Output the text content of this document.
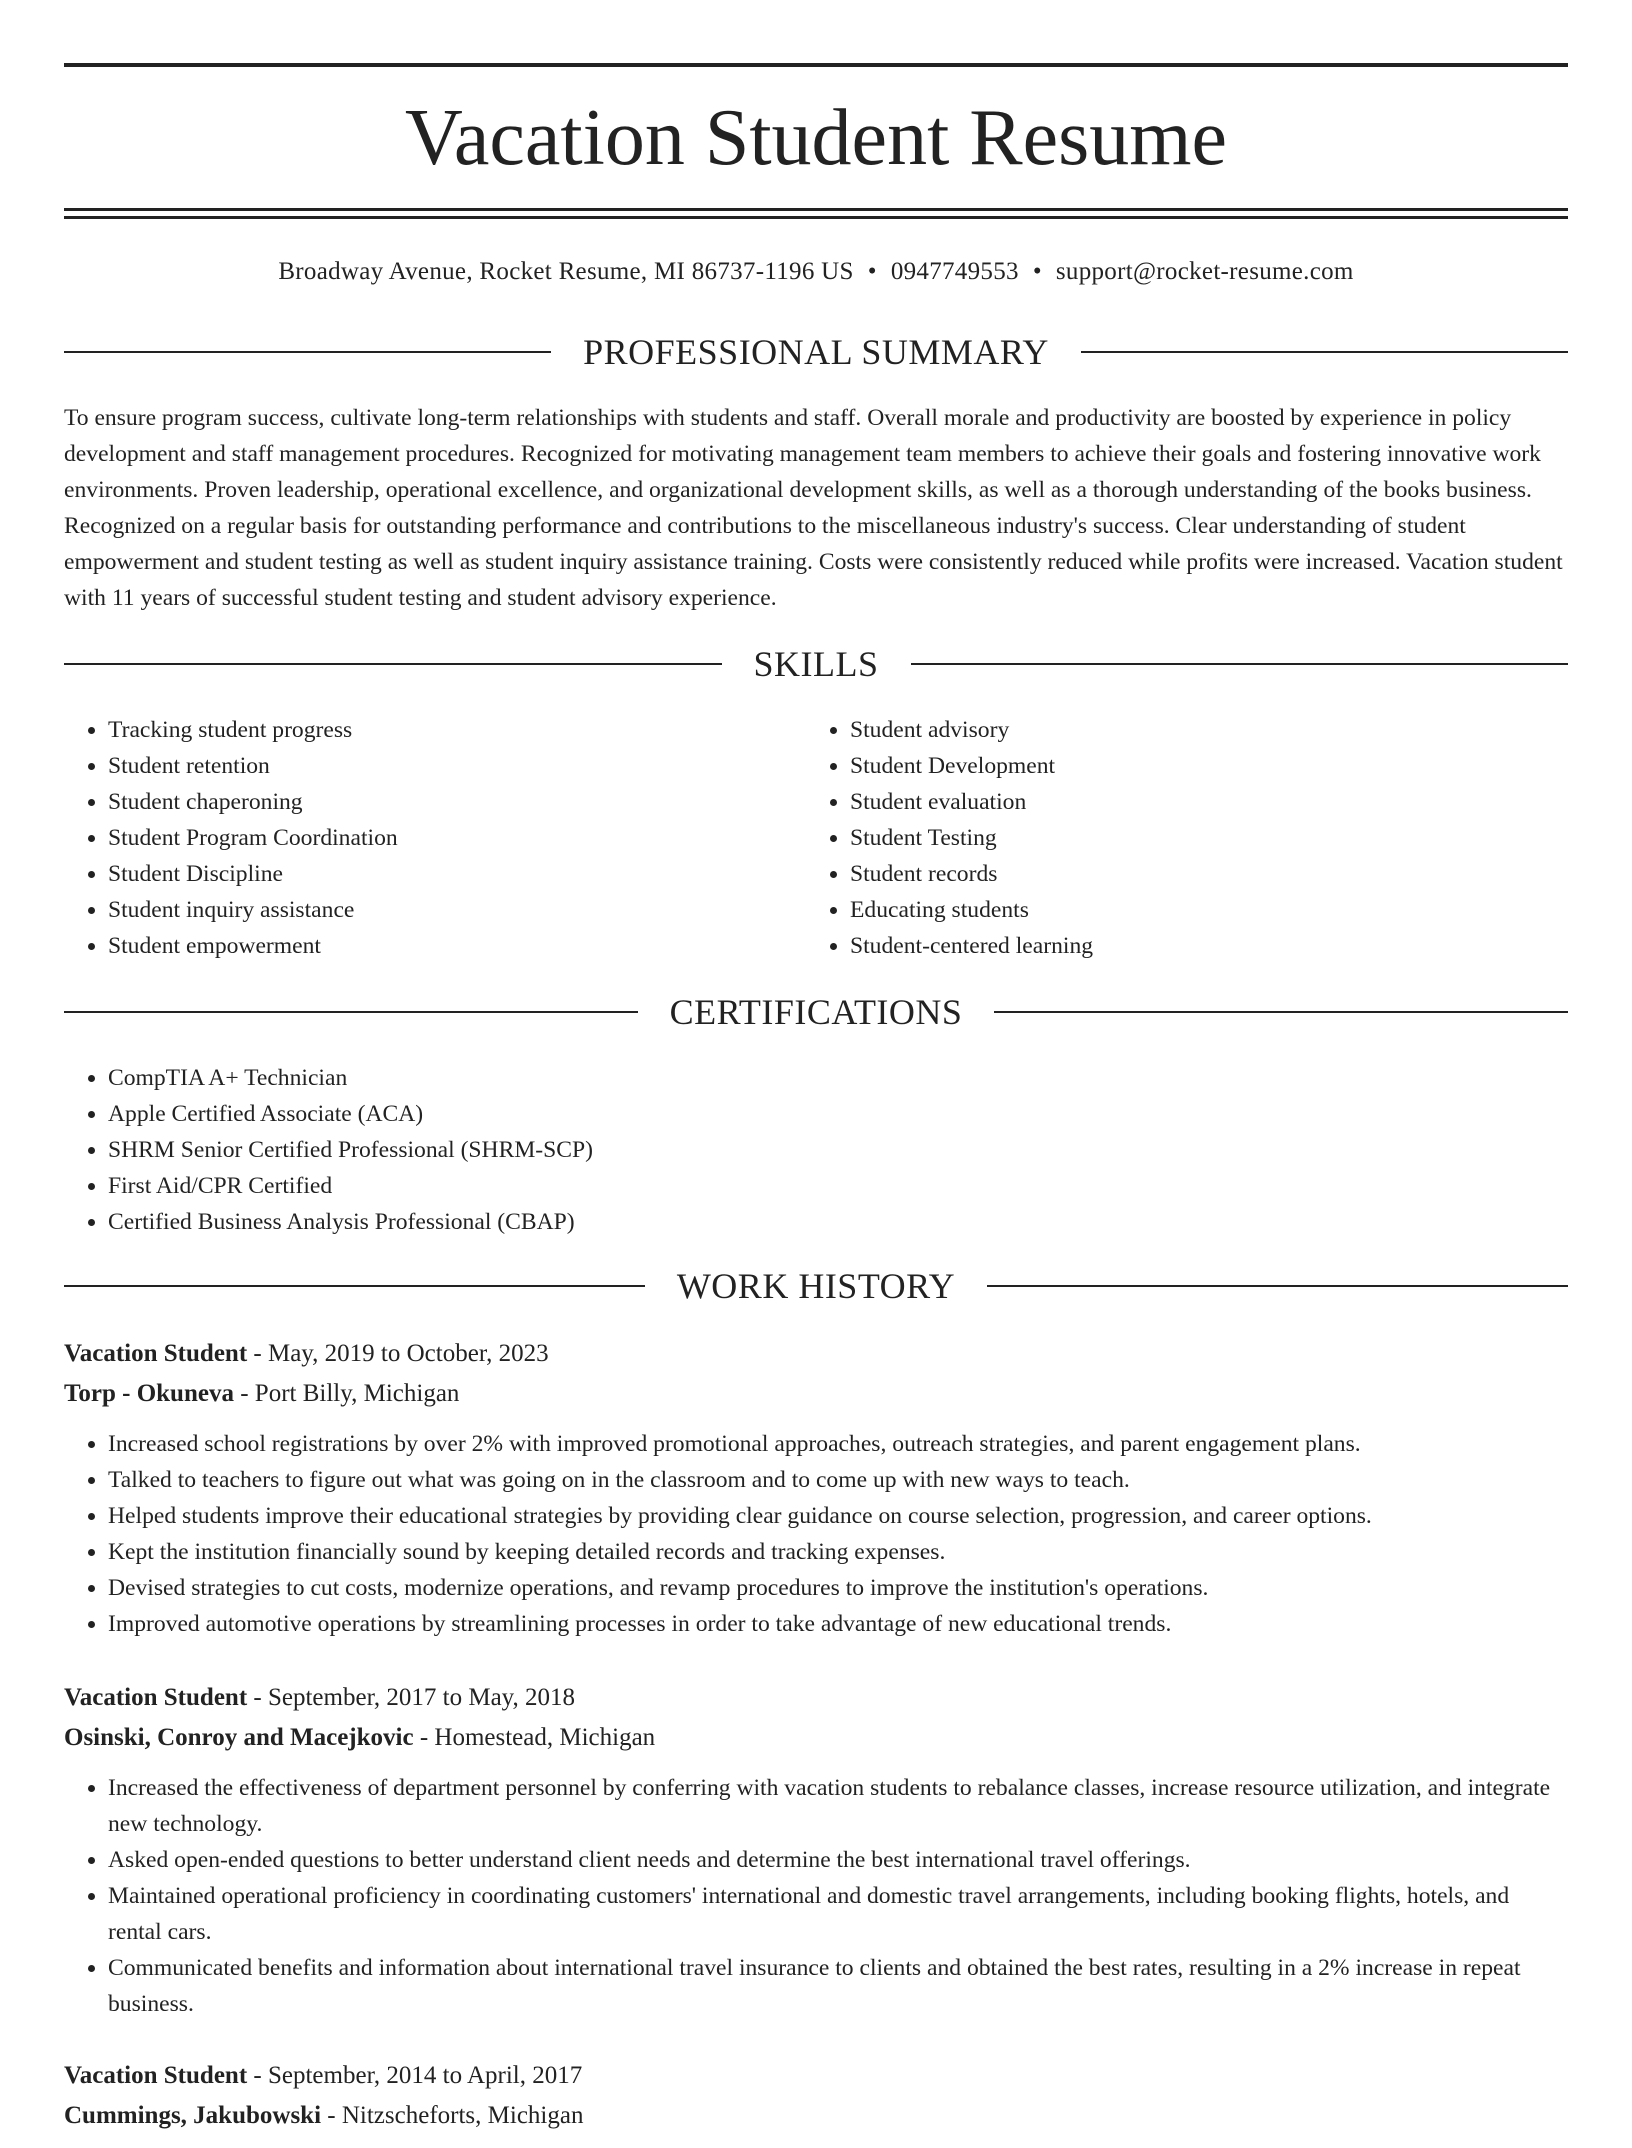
Vacation Student Resume
Broadway Avenue, Rocket Resume, MI 86737-1196 US • 0947749553 • support@rocket-resume.com
PROFESSIONAL SUMMARY

To ensure program success, cultivate long-term relationships with students and staff. Overall morale and productivity are boosted by experience in policy development and staff management procedures. Recognized for motivating management team members to achieve their goals and fostering innovative work environments. Proven leadership, operational excellence, and organizational development skills, as well as a thorough understanding of the books business. Recognized on a regular basis for outstanding performance and contributions to the miscellaneous industry's success. Clear understanding of student empowerment and student testing as well as student inquiry assistance training. Costs were consistently reduced while profits were increased. Vacation student with 11 years of successful student testing and student advisory experience.

SKILLS
• Tracking student progress
• Student retention
• Student chaperoning
• Student Program Coordination
• Student Discipline
• Student inquiry assistance
• Student empowerment
• Student advisory
• Student Development
• Student evaluation
• Student Testing
• Student records
• Educating students
• Student-centered learning
CERTIFICATIONS
• CompTIA A+ Technician
• Apple Certified Associate (ACA)
• SHRM Senior Certified Professional (SHRM-SCP)
• First Aid/CPR Certified
• Certified Business Analysis Professional (CBAP)
WORK HISTORY
Vacation Student - May, 2019 to October, 2023
Torp - Okuneva - Port Billy, Michigan
• Increased school registrations by over 2% with improved promotional approaches, outreach strategies, and parent engagement plans.
• Talked to teachers to figure out what was going on in the classroom and to come up with new ways to teach.
• Helped students improve their educational strategies by providing clear guidance on course selection, progression, and career options.
• Kept the institution financially sound by keeping detailed records and tracking expenses.
• Devised strategies to cut costs, modernize operations, and revamp procedures to improve the institution's operations.
• Improved automotive operations by streamlining processes in order to take advantage of new educational trends.
Vacation Student - September, 2017 to May, 2018
Osinski, Conroy and Macejkovic - Homestead, Michigan
• Increased the effectiveness of department personnel by conferring with vacation students to rebalance classes, increase resource utilization, and integrate new technology.
• Asked open-ended questions to better understand client needs and determine the best international travel offerings.
• Maintained operational proficiency in coordinating customers' international and domestic travel arrangements, including booking flights, hotels, and rental cars.
• Communicated benefits and information about international travel insurance to clients and obtained the best rates, resulting in a 2% increase in repeat business.
Vacation Student - September, 2014 to April, 2017
Cummings, Jakubowski - Nitzscheforts, Michigan
